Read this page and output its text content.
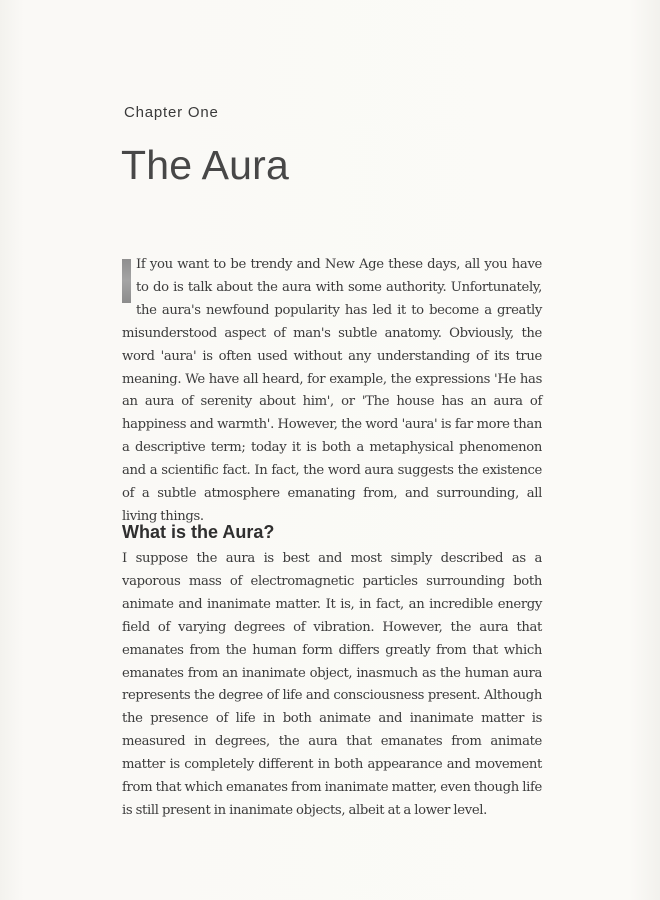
Chapter One
The Aura
If you want to be trendy and New Age these days, all you have to do is talk about the aura with some authority. Unfortunately, the aura's newfound popularity has led it to become a greatly misunderstood aspect of man's subtle anatomy. Obviously, the word 'aura' is often used without any understanding of its true meaning. We have all heard, for example, the expressions 'He has an aura of serenity about him', or 'The house has an aura of happiness and warmth'. However, the word 'aura' is far more than a descriptive term; today it is both a metaphysical phenomenon and a scientific fact. In fact, the word aura suggests the existence of a subtle atmosphere emanating from, and surrounding, all living things.
What is the Aura?

I suppose the aura is best and most simply described as a vaporous mass of electromagnetic particles surrounding both animate and inanimate matter. It is, in fact, an incredible energy field of varying degrees of vibration. However, the aura that emanates from the human form differs greatly from that which emanates from an inanimate object, inasmuch as the human aura represents the degree of life and consciousness present. Although the presence of life in both animate and inanimate matter is measured in degrees, the aura that emanates from animate matter is completely different in both appearance and movement from that which emanates from inanimate matter, even though life is still present in inanimate objects, albeit at a lower level.
